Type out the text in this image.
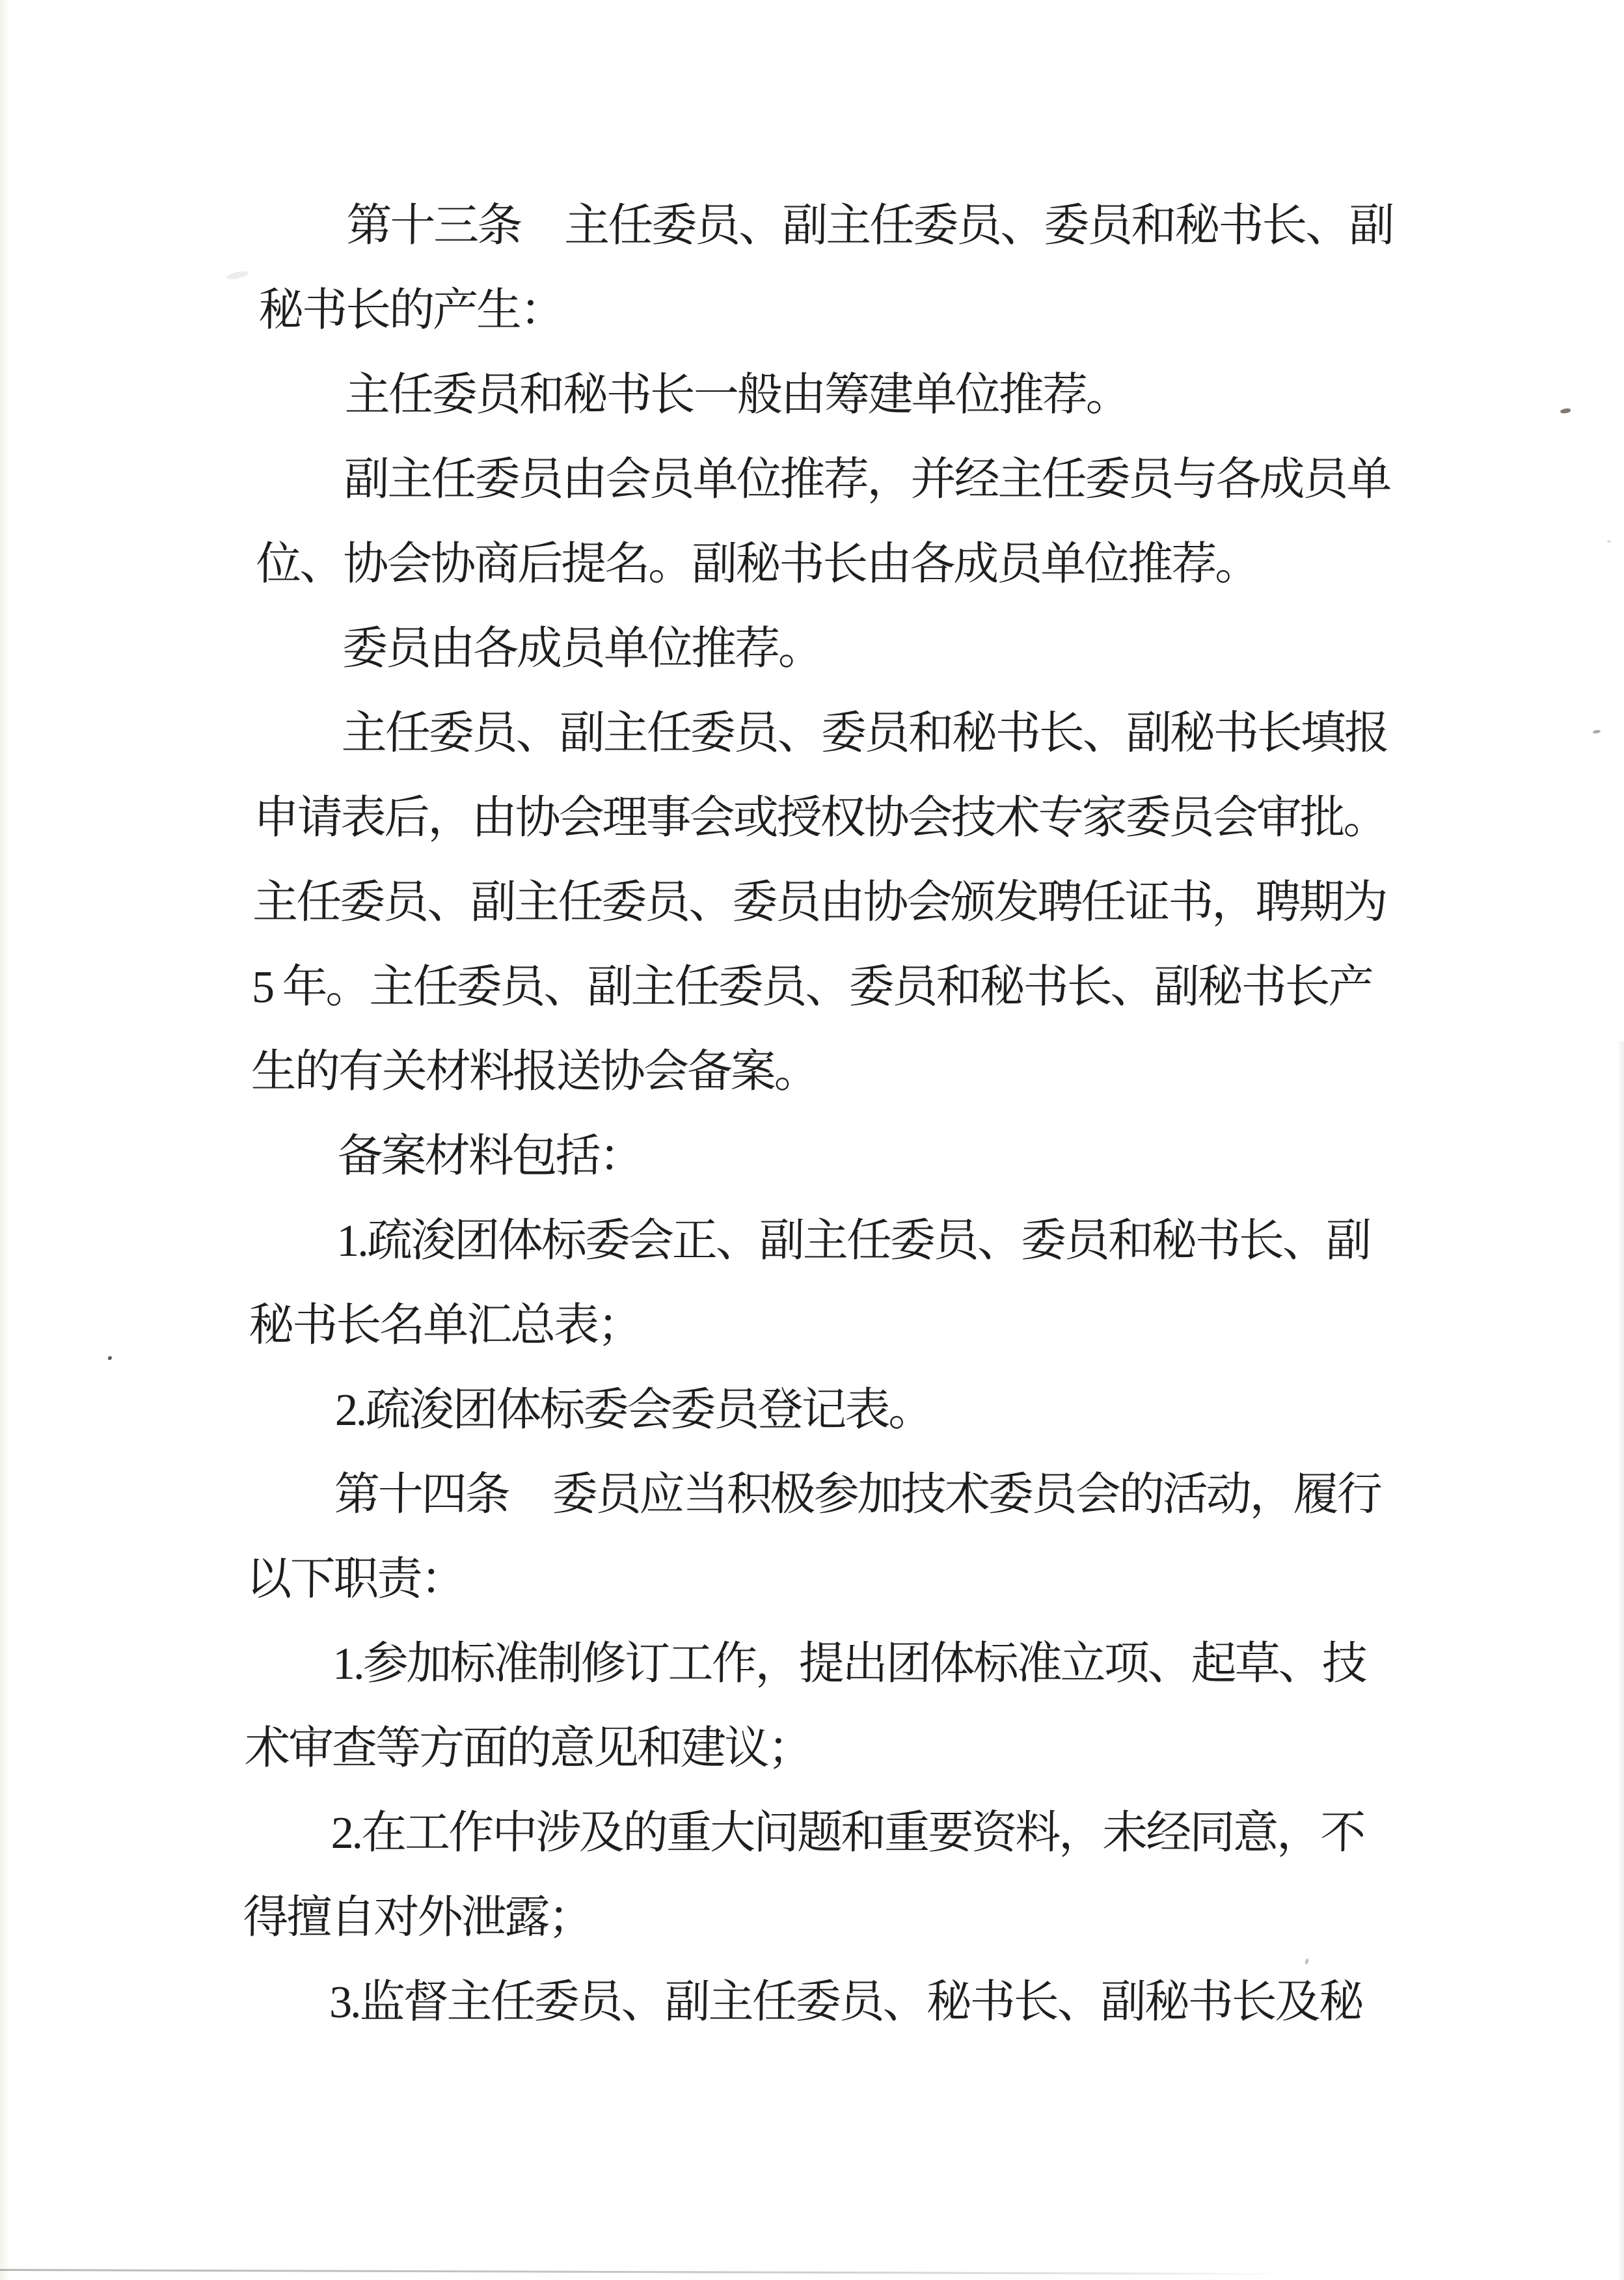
　　第十三条　主任委员、副主任委员、委员和秘书长、副
秘书长的产生：
　　主任委员和秘书长一般由筹建单位推荐。
　　副主任委员由会员单位推荐，并经主任委员与各成员单
位、协会协商后提名。副秘书长由各成员单位推荐。
　　委员由各成员单位推荐。
　　主任委员、副主任委员、委员和秘书长、副秘书长填报
申请表后，由协会理事会或授权协会技术专家委员会审批。
主任委员、副主任委员、委员由协会颁发聘任证书，聘期为
5 年。主任委员、副主任委员、委员和秘书长、副秘书长产
生的有关材料报送协会备案。
　　备案材料包括：
　　1.疏浚团体标委会正、副主任委员、委员和秘书长、副
秘书长名单汇总表；
　　2.疏浚团体标委会委员登记表。
　　第十四条　委员应当积极参加技术委员会的活动，履行
以下职责：
　　1.参加标准制修订工作，提出团体标准立项、起草、技
术审查等方面的意见和建议；
　　2.在工作中涉及的重大问题和重要资料，未经同意，不
得擅自对外泄露；
　　3.监督主任委员、副主任委员、秘书长、副秘书长及秘
